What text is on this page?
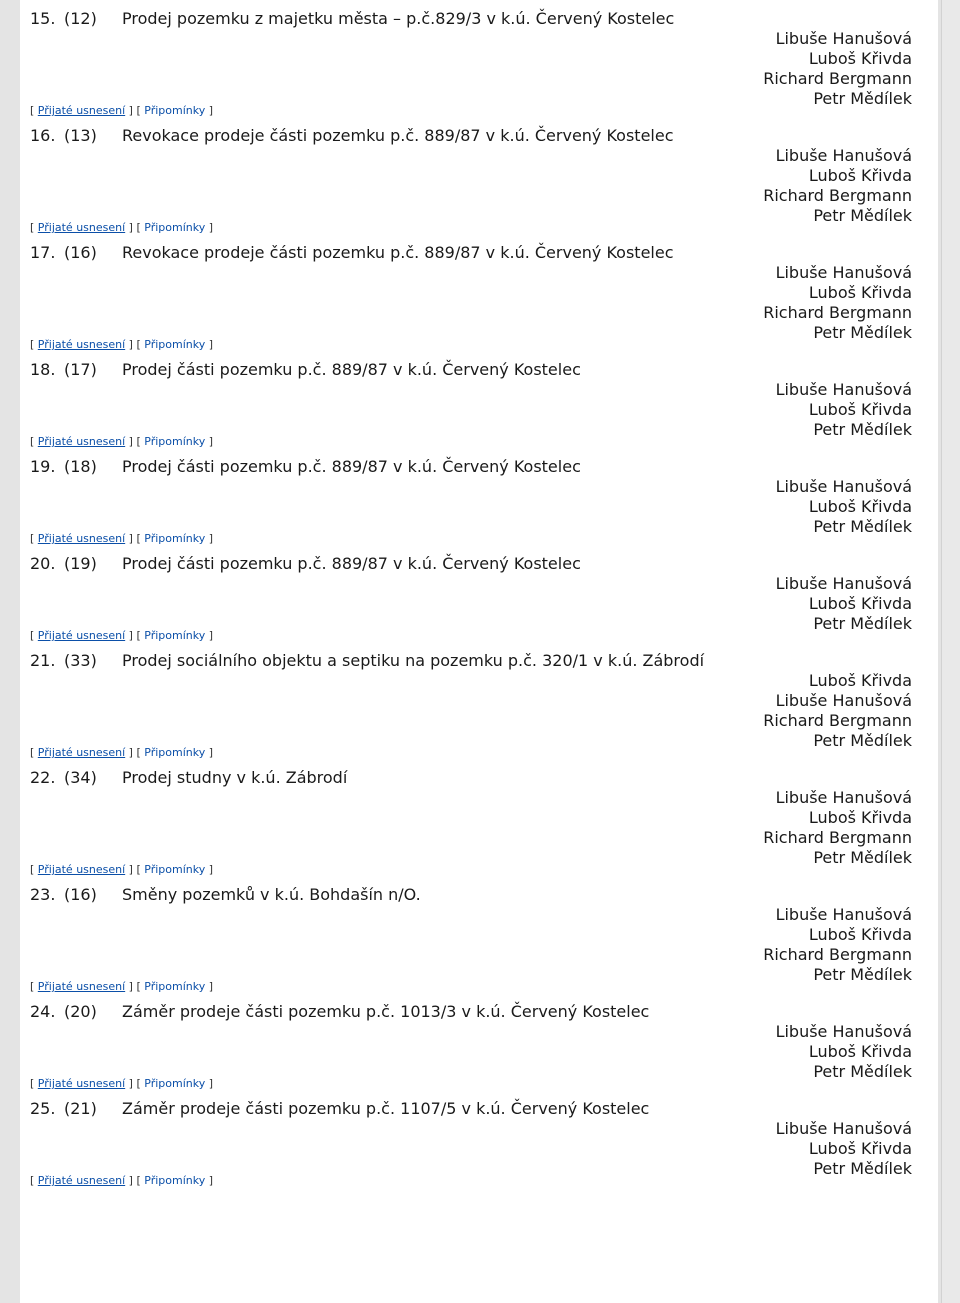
15. (12)	Prodej pozemku z majetku města – p.č.829/3 v k.ú. Červený Kostelec
Libuše Hanušová
Luboš Křivda
Richard Bergmann
Petr Mědílek
[ Přijaté usnesení ] [ Připomínky ]
16. (13)	Revokace prodeje části pozemku p.č. 889/87 v k.ú. Červený Kostelec
Libuše Hanušová
Luboš Křivda
Richard Bergmann
Petr Mědílek
[ Přijaté usnesení ] [ Připomínky ]
17. (16)	Revokace prodeje části pozemku p.č. 889/87 v k.ú. Červený Kostelec
Libuše Hanušová
Luboš Křivda
Richard Bergmann
Petr Mědílek
[ Přijaté usnesení ] [ Připomínky ]
18. (17)	Prodej části pozemku p.č. 889/87 v k.ú. Červený Kostelec
Libuše Hanušová
Luboš Křivda
Petr Mědílek
[ Přijaté usnesení ] [ Připomínky ]
19. (18)	Prodej části pozemku p.č. 889/87 v k.ú. Červený Kostelec
Libuše Hanušová
Luboš Křivda
Petr Mědílek
[ Přijaté usnesení ] [ Připomínky ]
20. (19)	Prodej části pozemku p.č. 889/87 v k.ú. Červený Kostelec
Libuše Hanušová
Luboš Křivda
Petr Mědílek
[ Přijaté usnesení ] [ Připomínky ]
21. (33)	Prodej sociálního objektu a septiku na pozemku p.č. 320/1 v k.ú. Zábrodí
Luboš Křivda
Libuše Hanušová
Richard Bergmann
Petr Mědílek
[ Přijaté usnesení ] [ Připomínky ]
22. (34)	Prodej studny v k.ú. Zábrodí
Libuše Hanušová
Luboš Křivda
Richard Bergmann
Petr Mědílek
[ Přijaté usnesení ] [ Připomínky ]
23. (16)	Směny pozemků v k.ú. Bohdašín n/O.
Libuše Hanušová
Luboš Křivda
Richard Bergmann
Petr Mědílek
[ Přijaté usnesení ] [ Připomínky ]
24. (20)	Záměr prodeje části pozemku p.č. 1013/3 v k.ú. Červený Kostelec
Libuše Hanušová
Luboš Křivda
Petr Mědílek
[ Přijaté usnesení ] [ Připomínky ]
25. (21)	Záměr prodeje části pozemku p.č. 1107/5 v k.ú. Červený Kostelec
Libuše Hanušová
Luboš Křivda
Petr Mědílek
[ Přijaté usnesení ] [ Připomínky ]
